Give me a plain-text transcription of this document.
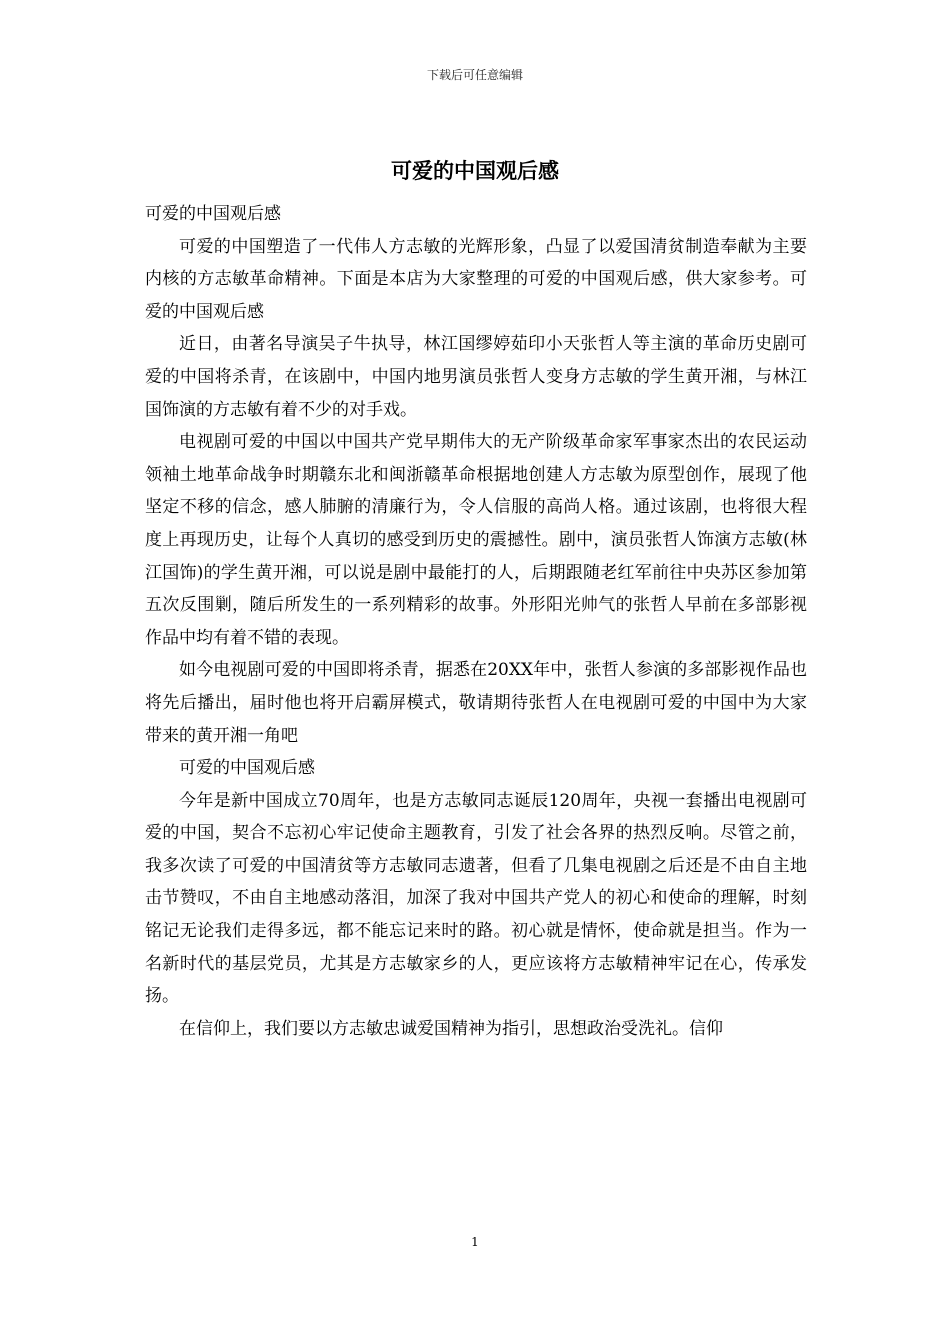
下载后可任意编辑
可爱的中国观后感

可爱的中国观后感

可爱的中国塑造了一代伟人方志敏的光辉形象，凸显了以爱国清贫制造奉献为主要内核的方志敏革命精神。下面是本店为大家整理的可爱的中国观后感，供大家参考。可爱的中国观后感

近日，由著名导演吴子牛执导，林江国缪婷茹印小天张哲人等主演的革命历史剧可爱的中国将杀青，在该剧中，中国内地男演员张哲人变身方志敏的学生黄开湘，与林江国饰演的方志敏有着不少的对手戏。

电视剧可爱的中国以中国共产党早期伟大的无产阶级革命家军事家杰出的农民运动领袖土地革命战争时期赣东北和闽浙赣革命根据地创建人方志敏为原型创作，展现了他坚定不移的信念，感人肺腑的清廉行为，令人信服的高尚人格。通过该剧，也将很大程度上再现历史，让每个人真切的感受到历史的震撼性。剧中，演员张哲人饰演方志敏(林江国饰)的学生黄开湘，可以说是剧中最能打的人，后期跟随老红军前往中央苏区参加第五次反围剿，随后所发生的一系列精彩的故事。外形阳光帅气的张哲人早前在多部影视作品中均有着不错的表现。

如今电视剧可爱的中国即将杀青，据悉在20XX年中，张哲人参演的多部影视作品也将先后播出，届时他也将开启霸屏模式，敬请期待张哲人在电视剧可爱的中国中为大家带来的黄开湘一角吧

可爱的中国观后感

今年是新中国成立70周年，也是方志敏同志诞辰120周年，央视一套播出电视剧可爱的中国，契合不忘初心牢记使命主题教育，引发了社会各界的热烈反响。尽管之前，我多次读了可爱的中国清贫等方志敏同志遗著，但看了几集电视剧之后还是不由自主地击节赞叹，不由自主地感动落泪，加深了我对中国共产党人的初心和使命的理解，时刻铭记无论我们走得多远，都不能忘记来时的路。初心就是情怀，使命就是担当。作为一名新时代的基层党员，尤其是方志敏家乡的人，更应该将方志敏精神牢记在心，传承发扬。

在信仰上，我们要以方志敏忠诚爱国精神为指引，思想政治受洗礼。信仰

1
